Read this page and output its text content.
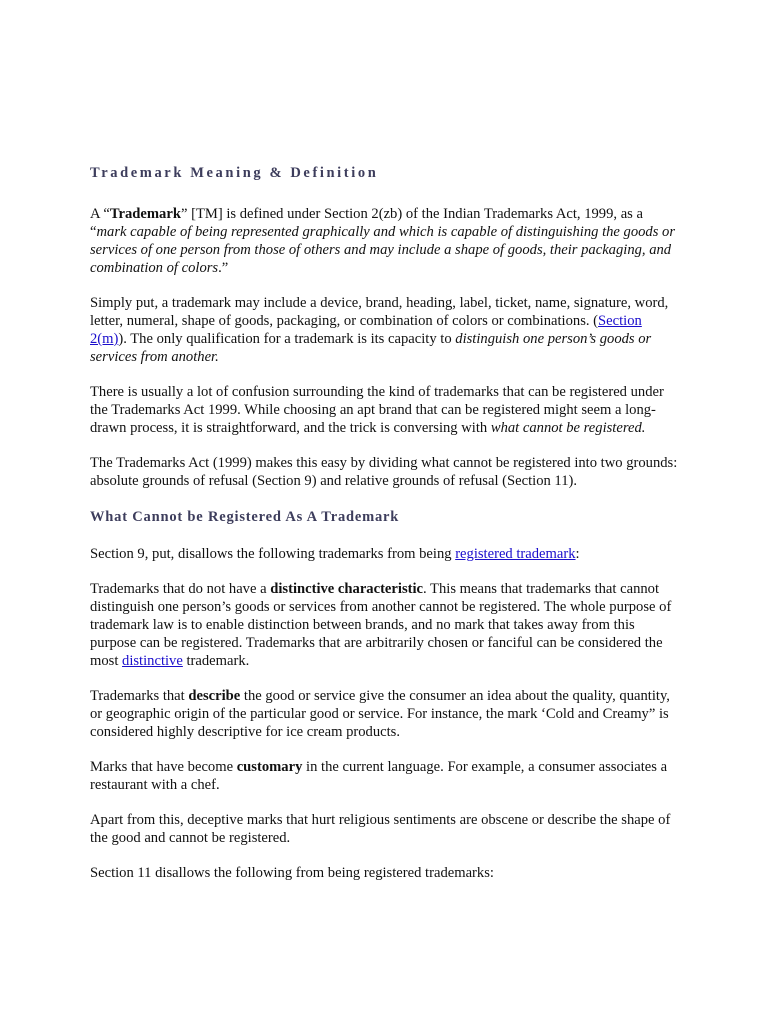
Trademark Meaning & Definition

A “Trademark” [TM] is defined under Section 2(zb) of the Indian Trademarks Act, 1999, as a “mark capable of being represented graphically and which is capable of distinguishing the goods or services of one person from those of others and may include a shape of goods, their packaging, and combination of colors.”

Simply put, a trademark may include a device, brand, heading, label, ticket, name, signature, word, letter, numeral, shape of goods, packaging, or combination of colors or combinations. (Section 2(m)). The only qualification for a trademark is its capacity to distinguish one person’s goods or services from another.

There is usually a lot of confusion surrounding the kind of trademarks that can be registered under the Trademarks Act 1999. While choosing an apt brand that can be registered might seem a long-drawn process, it is straightforward, and the trick is conversing with what cannot be registered.

The Trademarks Act (1999) makes this easy by dividing what cannot be registered into two grounds: absolute grounds of refusal (Section 9) and relative grounds of refusal (Section 11).

What Cannot be Registered As A Trademark

Section 9, put, disallows the following trademarks from being registered trademark:

Trademarks that do not have a distinctive characteristic. This means that trademarks that cannot distinguish one person’s goods or services from another cannot be registered. The whole purpose of trademark law is to enable distinction between brands, and no mark that takes away from this purpose can be registered. Trademarks that are arbitrarily chosen or fanciful can be considered the most distinctive trademark.

Trademarks that describe the good or service give the consumer an idea about the quality, quantity, or geographic origin of the particular good or service. For instance, the mark ‘Cold and Creamy” is considered highly descriptive for ice cream products.

Marks that have become customary in the current language. For example, a consumer associates a restaurant with a chef.

Apart from this, deceptive marks that hurt religious sentiments are obscene or describe the shape of the good and cannot be registered.

Section 11 disallows the following from being registered trademarks:
